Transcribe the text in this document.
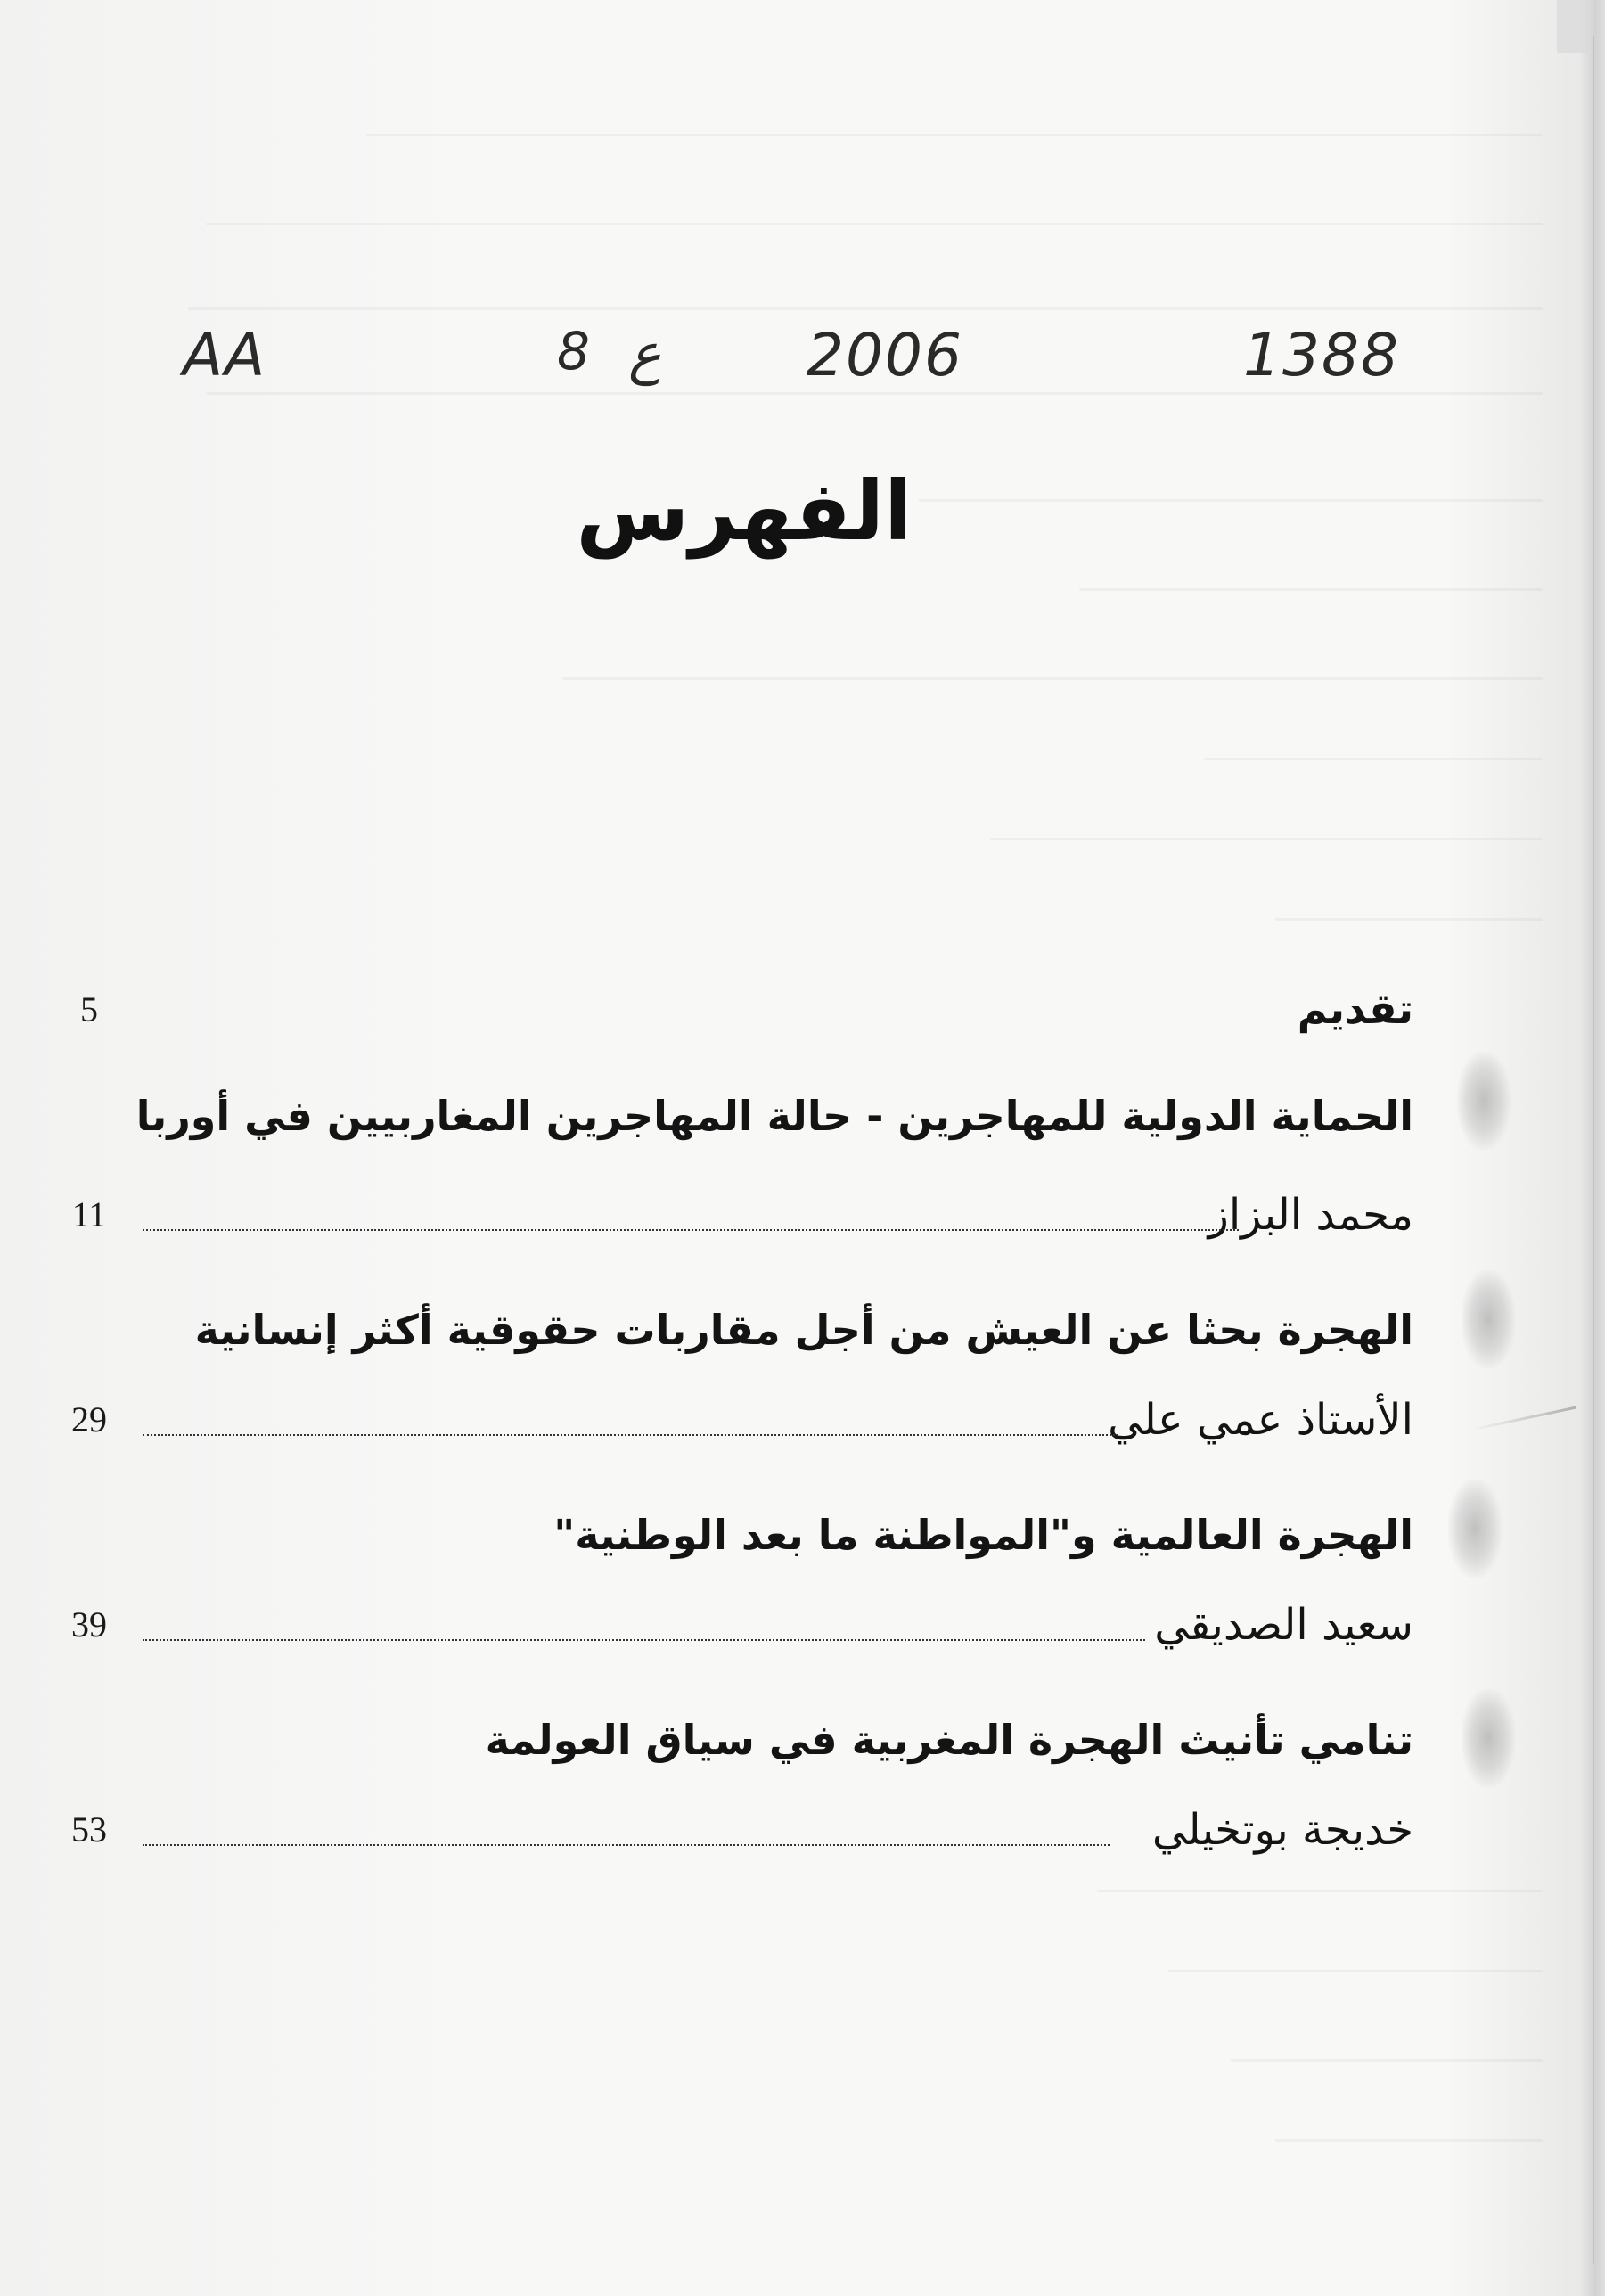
AA	8 ع 2006	1388
الفهرس
تقديم
5
الحماية الدولية للمهاجرين - حالة المهاجرين المغاربيين في أوربا
محمد البزاز
11
الهجرة بحثا عن العيش من أجل مقاربات حقوقية أكثر إنسانية
الأستاذ عمي علي
29
الهجرة العالمية و"المواطنة ما بعد الوطنية"
سعيد الصديقي
39
تنامي تأنيث الهجرة المغربية في سياق العولمة
خديجة بوتخيلي
53
